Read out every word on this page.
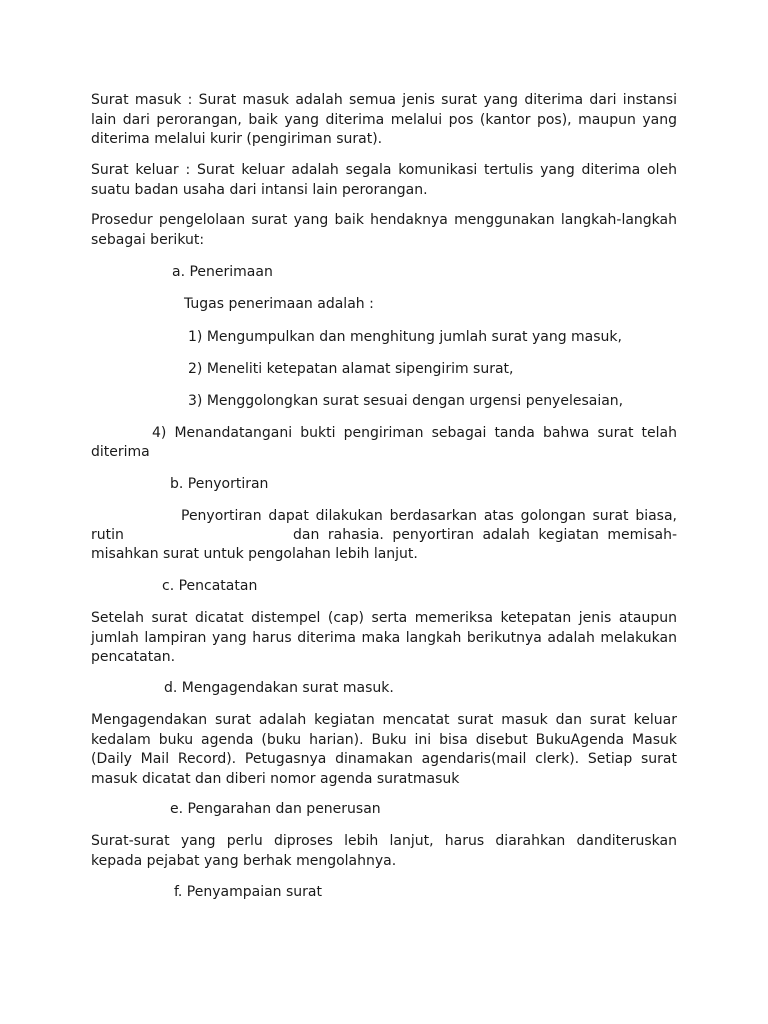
Surat masuk : Surat masuk adalah semua jenis surat yang diterima dari instansi lain dari perorangan, baik yang diterima melalui pos (kantor pos), maupun yang diterima melalui kurir (pengiriman surat).

Surat keluar : Surat keluar adalah segala komunikasi tertulis yang diterima oleh suatu badan usaha dari intansi lain perorangan.

Prosedur pengelolaan surat yang baik hendaknya menggunakan langkah-langkah sebagai berikut:

a. Penerimaan

Tugas penerimaan adalah :

1) Mengumpulkan dan menghitung jumlah surat yang masuk,

2) Meneliti ketepatan alamat sipengirim surat,

3) Menggolongkan surat sesuai dengan urgensi penyelesaian,

4) Menandatangani bukti pengiriman sebagai tanda bahwa surat telah

diterima

b. Penyortiran

Penyortiran dapat dilakukan berdasarkan atas golongan surat biasa,

rutin	dan rahasia. penyortiran adalah kegiatan memisah-

misahkan surat untuk pengolahan lebih lanjut.

c. Pencatatan

Setelah surat dicatat distempel (cap) serta memeriksa ketepatan jenis ataupun jumlah lampiran yang harus diterima maka langkah berikutnya adalah melakukan pencatatan.

d. Mengagendakan surat masuk.

Mengagendakan surat adalah kegiatan mencatat surat masuk dan surat keluar kedalam buku agenda (buku harian). Buku ini bisa disebut BukuAgenda Masuk (Daily Mail Record). Petugasnya dinamakan agendaris(mail clerk). Setiap surat masuk dicatat dan diberi nomor agenda suratmasuk

e. Pengarahan dan penerusan

Surat-surat yang perlu diproses lebih lanjut, harus diarahkan danditeruskan kepada pejabat yang berhak mengolahnya.

f. Penyampaian surat
